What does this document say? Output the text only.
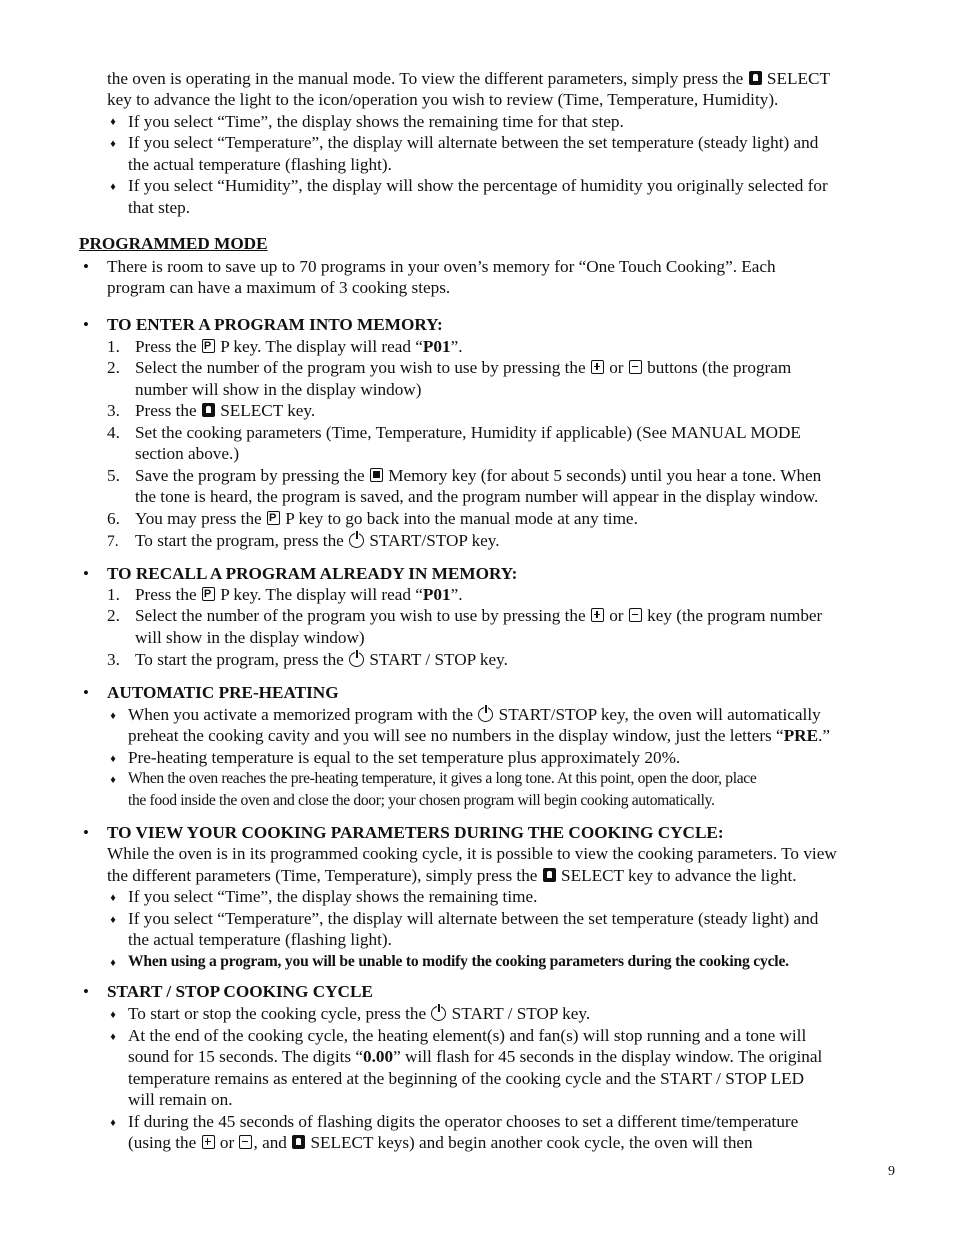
the oven is operating in the manual mode. To view the different parameters, simply press the  SELECT
key to advance the light to the icon/operation you wish to review (Time, Temperature, Humidity).
♦ If you select “Time”, the display shows the remaining time for that step.
♦ If you select “Temperature”, the display will alternate between the set temperature (steady light) and
the actual temperature (flashing light).
♦ If you select “Humidity”, the display will show the percentage of humidity you originally selected for
that step.
PROGRAMMED MODE
• There is room to save up to 70 programs in your oven’s memory for “One Touch Cooking”. Each
program can have a maximum of 3 cooking steps.
• TO ENTER A PROGRAM INTO MEMORY:
1. Press the P P key. The display will read “P01”.
2. Select the number of the program you wish to use by pressing the  or  buttons (the program
number will show in the display window)
3. Press the  SELECT key.
4. Set the cooking parameters (Time, Temperature, Humidity if applicable) (See MANUAL MODE
section above.)
5. Save the program by pressing the  Memory key (for about 5 seconds) until you hear a tone. When
the tone is heard, the program is saved, and the program number will appear in the display window.
6. You may press the P P key to go back into the manual mode at any time.
7. To start the program, press the  START/STOP key.
• TO RECALL A PROGRAM ALREADY IN MEMORY:
1. Press the P P key. The display will read “P01”.
2. Select the number of the program you wish to use by pressing the  or  key (the program number
will show in the display window)
3. To start the program, press the  START / STOP key.
• AUTOMATIC PRE-HEATING
♦ When you activate a memorized program with the  START/STOP key, the oven will automatically
preheat the cooking cavity and you will see no numbers in the display window, just the letters “PRE.”
♦ Pre-heating temperature is equal to the set temperature plus approximately 20%.
♦ When the oven reaches the pre-heating temperature, it gives a long tone. At this point, open the door, place
the food inside the oven and close the door; your chosen program will begin cooking automatically.
• TO VIEW YOUR COOKING PARAMETERS DURING THE COOKING CYCLE:
While the oven is in its programmed cooking cycle, it is possible to view the cooking parameters. To view
the different parameters (Time, Temperature), simply press the  SELECT key to advance the light.
♦ If you select “Time”, the display shows the remaining time.
♦ If you select “Temperature”, the display will alternate between the set temperature (steady light) and
the actual temperature (flashing light).
♦ When using a program, you will be unable to modify the cooking parameters during the cooking cycle.
• START / STOP COOKING CYCLE
♦ To start or stop the cooking cycle, press the  START / STOP key.
♦ At the end of the cooking cycle, the heating element(s) and fan(s) will stop running and a tone will
sound for 15 seconds. The digits “0.00” will flash for 45 seconds in the display window. The original
temperature remains as entered at the beginning of the cooking cycle and the START / STOP LED
will remain on.
♦ If during the 45 seconds of flashing digits the operator chooses to set a different time/temperature
(using the  or , and  SELECT keys) and begin another cook cycle, the oven will then
9
